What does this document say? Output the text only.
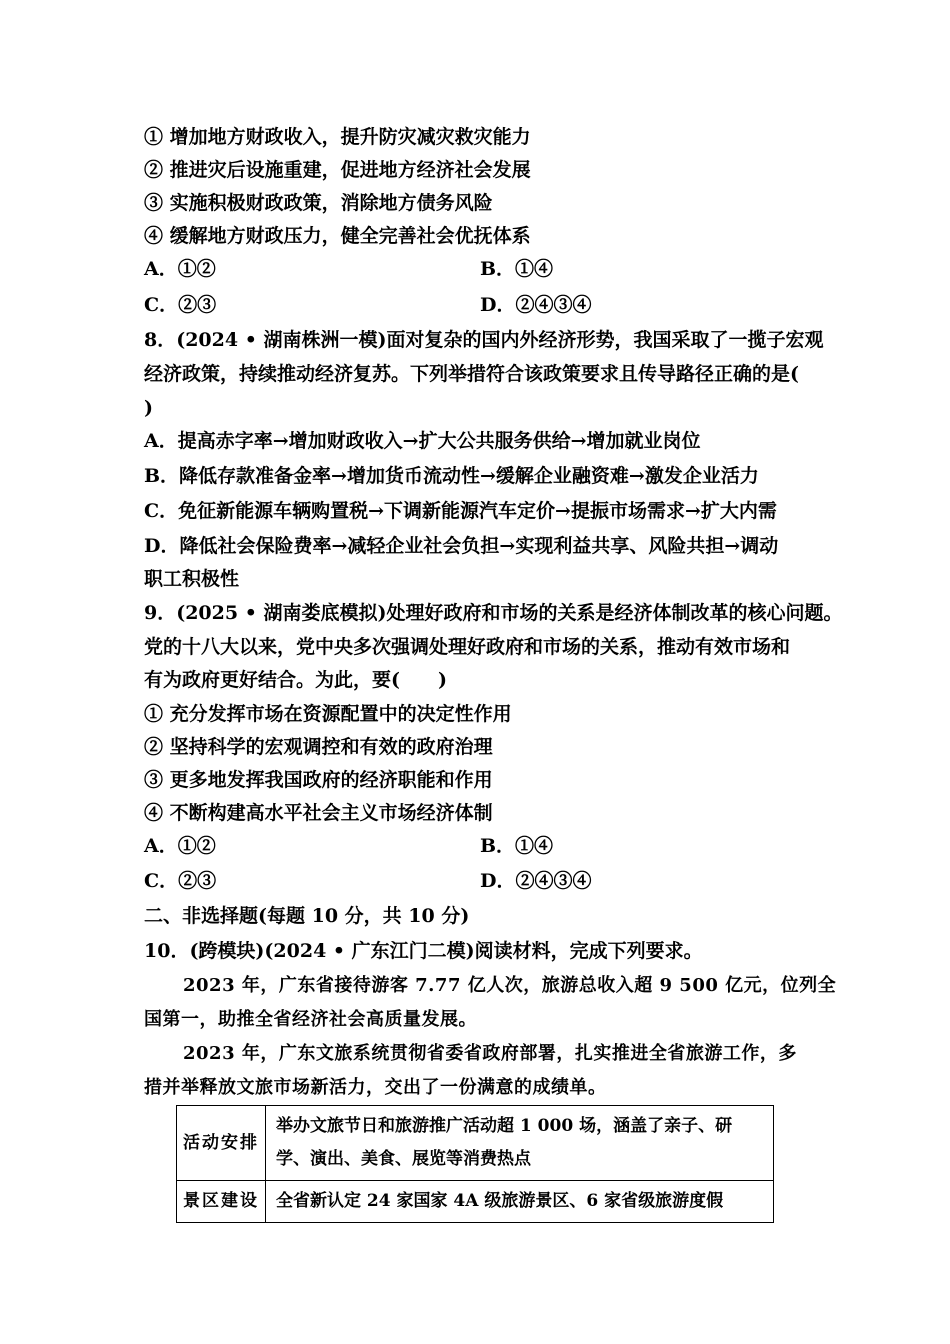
① 增加地方财政收入，提升防灾减灾救灾能力
② 推进灾后设施重建，促进地方经济社会发展
③ 实施积极财政政策，消除地方债务风险
④ 缓解地方财政压力，健全完善社会优抚体系
A．①②	B．①④
C．②③	D．②④③④
8．(2024 • 湖南株洲一模)面对复杂的国内外经济形势，我国采取了一揽子宏观
经济政策，持续推动经济复苏。下列举措符合该政策要求且传导路径正确的是(
)
A．提高赤字率→增加财政收入→扩大公共服务供给→增加就业岗位
B．降低存款准备金率→增加货币流动性→缓解企业融资难→激发企业活力
C．免征新能源车辆购置税→下调新能源汽车定价→提振市场需求→扩大内需
D．降低社会保险费率→减轻企业社会负担→实现利益共享、风险共担→调动
职工积极性
9．(2025 • 湖南娄底模拟)处理好政府和市场的关系是经济体制改革的核心问题。
党的十八大以来，党中央多次强调处理好政府和市场的关系，推动有效市场和
有为政府更好结合。为此，要(　　)
① 充分发挥市场在资源配置中的决定性作用
② 坚持科学的宏观调控和有效的政府治理
③ 更多地发挥我国政府的经济职能和作用
④ 不断构建高水平社会主义市场经济体制
A．①②	B．①④
C．②③	D．②④③④
二、非选择题(每题 10 分，共 10 分)
10．(跨模块)(2024 • 广东江门二模)阅读材料，完成下列要求。
2023 年，广东省接待游客 7.77 亿人次，旅游总收入超 9 500 亿元，位列全
国第一，助推全省经济社会高质量发展。
2023 年，广东文旅系统贯彻省委省政府部署，扎实推进全省旅游工作，多
措并举释放文旅市场新活力，交出了一份满意的成绩单。
活动安排	举办文旅节日和旅游推广活动超 1 000 场，涵盖了亲子、研学、演出、美食、展览等消费热点
景区建设	全省新认定 24 家国家 4A 级旅游景区、6 家省级旅游度假
